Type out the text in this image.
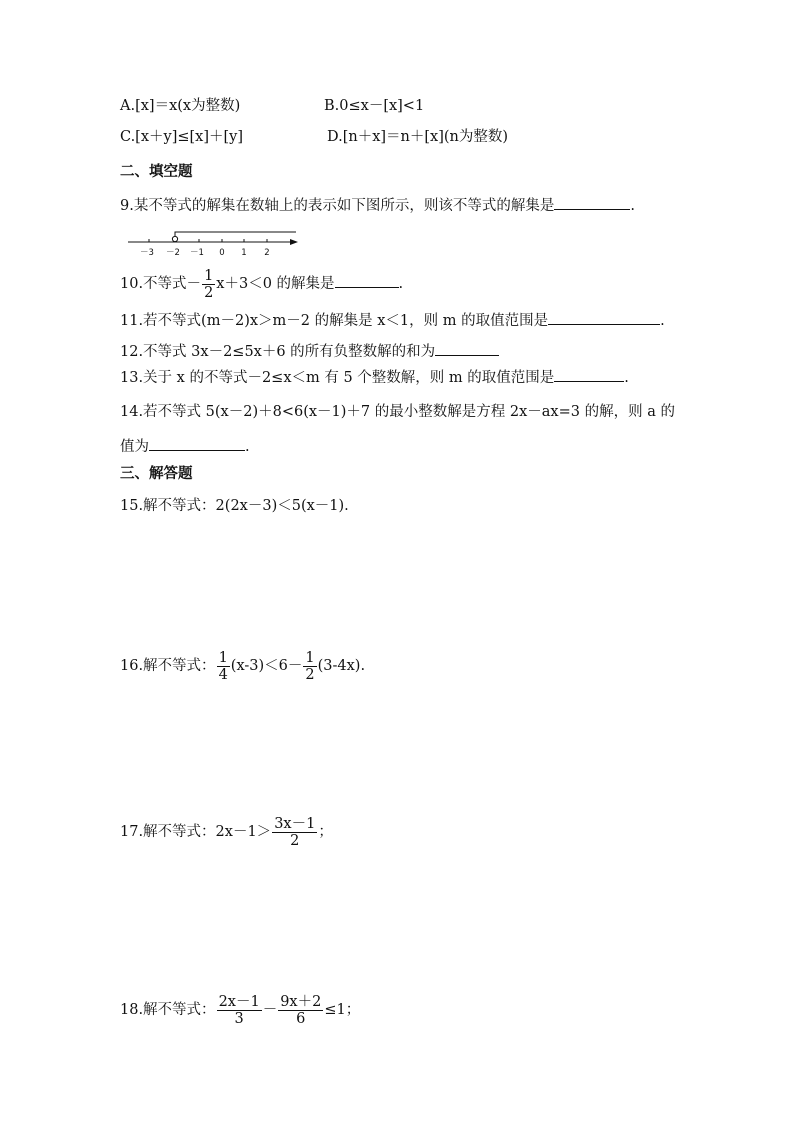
A.[x]＝x(x为整数)	B.0≤x－[x]<1
C.[x＋y]≤[x]＋[y]	D.[n＋x]＝n＋[x](n为整数)
二、填空题
9.某不等式的解集在数轴上的表示如下图所示，则该不等式的解集是	.
－3 －2 －1 0 1 2
10.不等式－ $\frac{1}{2} x+3<0$ 的解集是	.
11.若不等式(m－2)x＞m－2 的解集是 x＜1，则 m 的取值范围是	.
12.不等式 3x－2≤5x＋6 的所有负整数解的和为
13.关于 x 的不等式－2≤x＜m 有 5 个整数解，则 m 的取值范围是	.
14.若不等式 5(x－2)＋8<6(x－1)＋7 的最小整数解是方程 2x－ax=3 的解，则 a 的
值为	.
三、解答题
15.解不等式：2(2x－3)＜5(x－1).
16.解不等式： $\frac{1}{4} (x-3)<6- \frac{1}{2} (3-4x)$.
17.解不等式：$2x-1> \frac{3x-1}{2}$ ；
18.解不等式： $\frac{2x-1}{3} - \frac{9x+2}{6} \le 1$；
